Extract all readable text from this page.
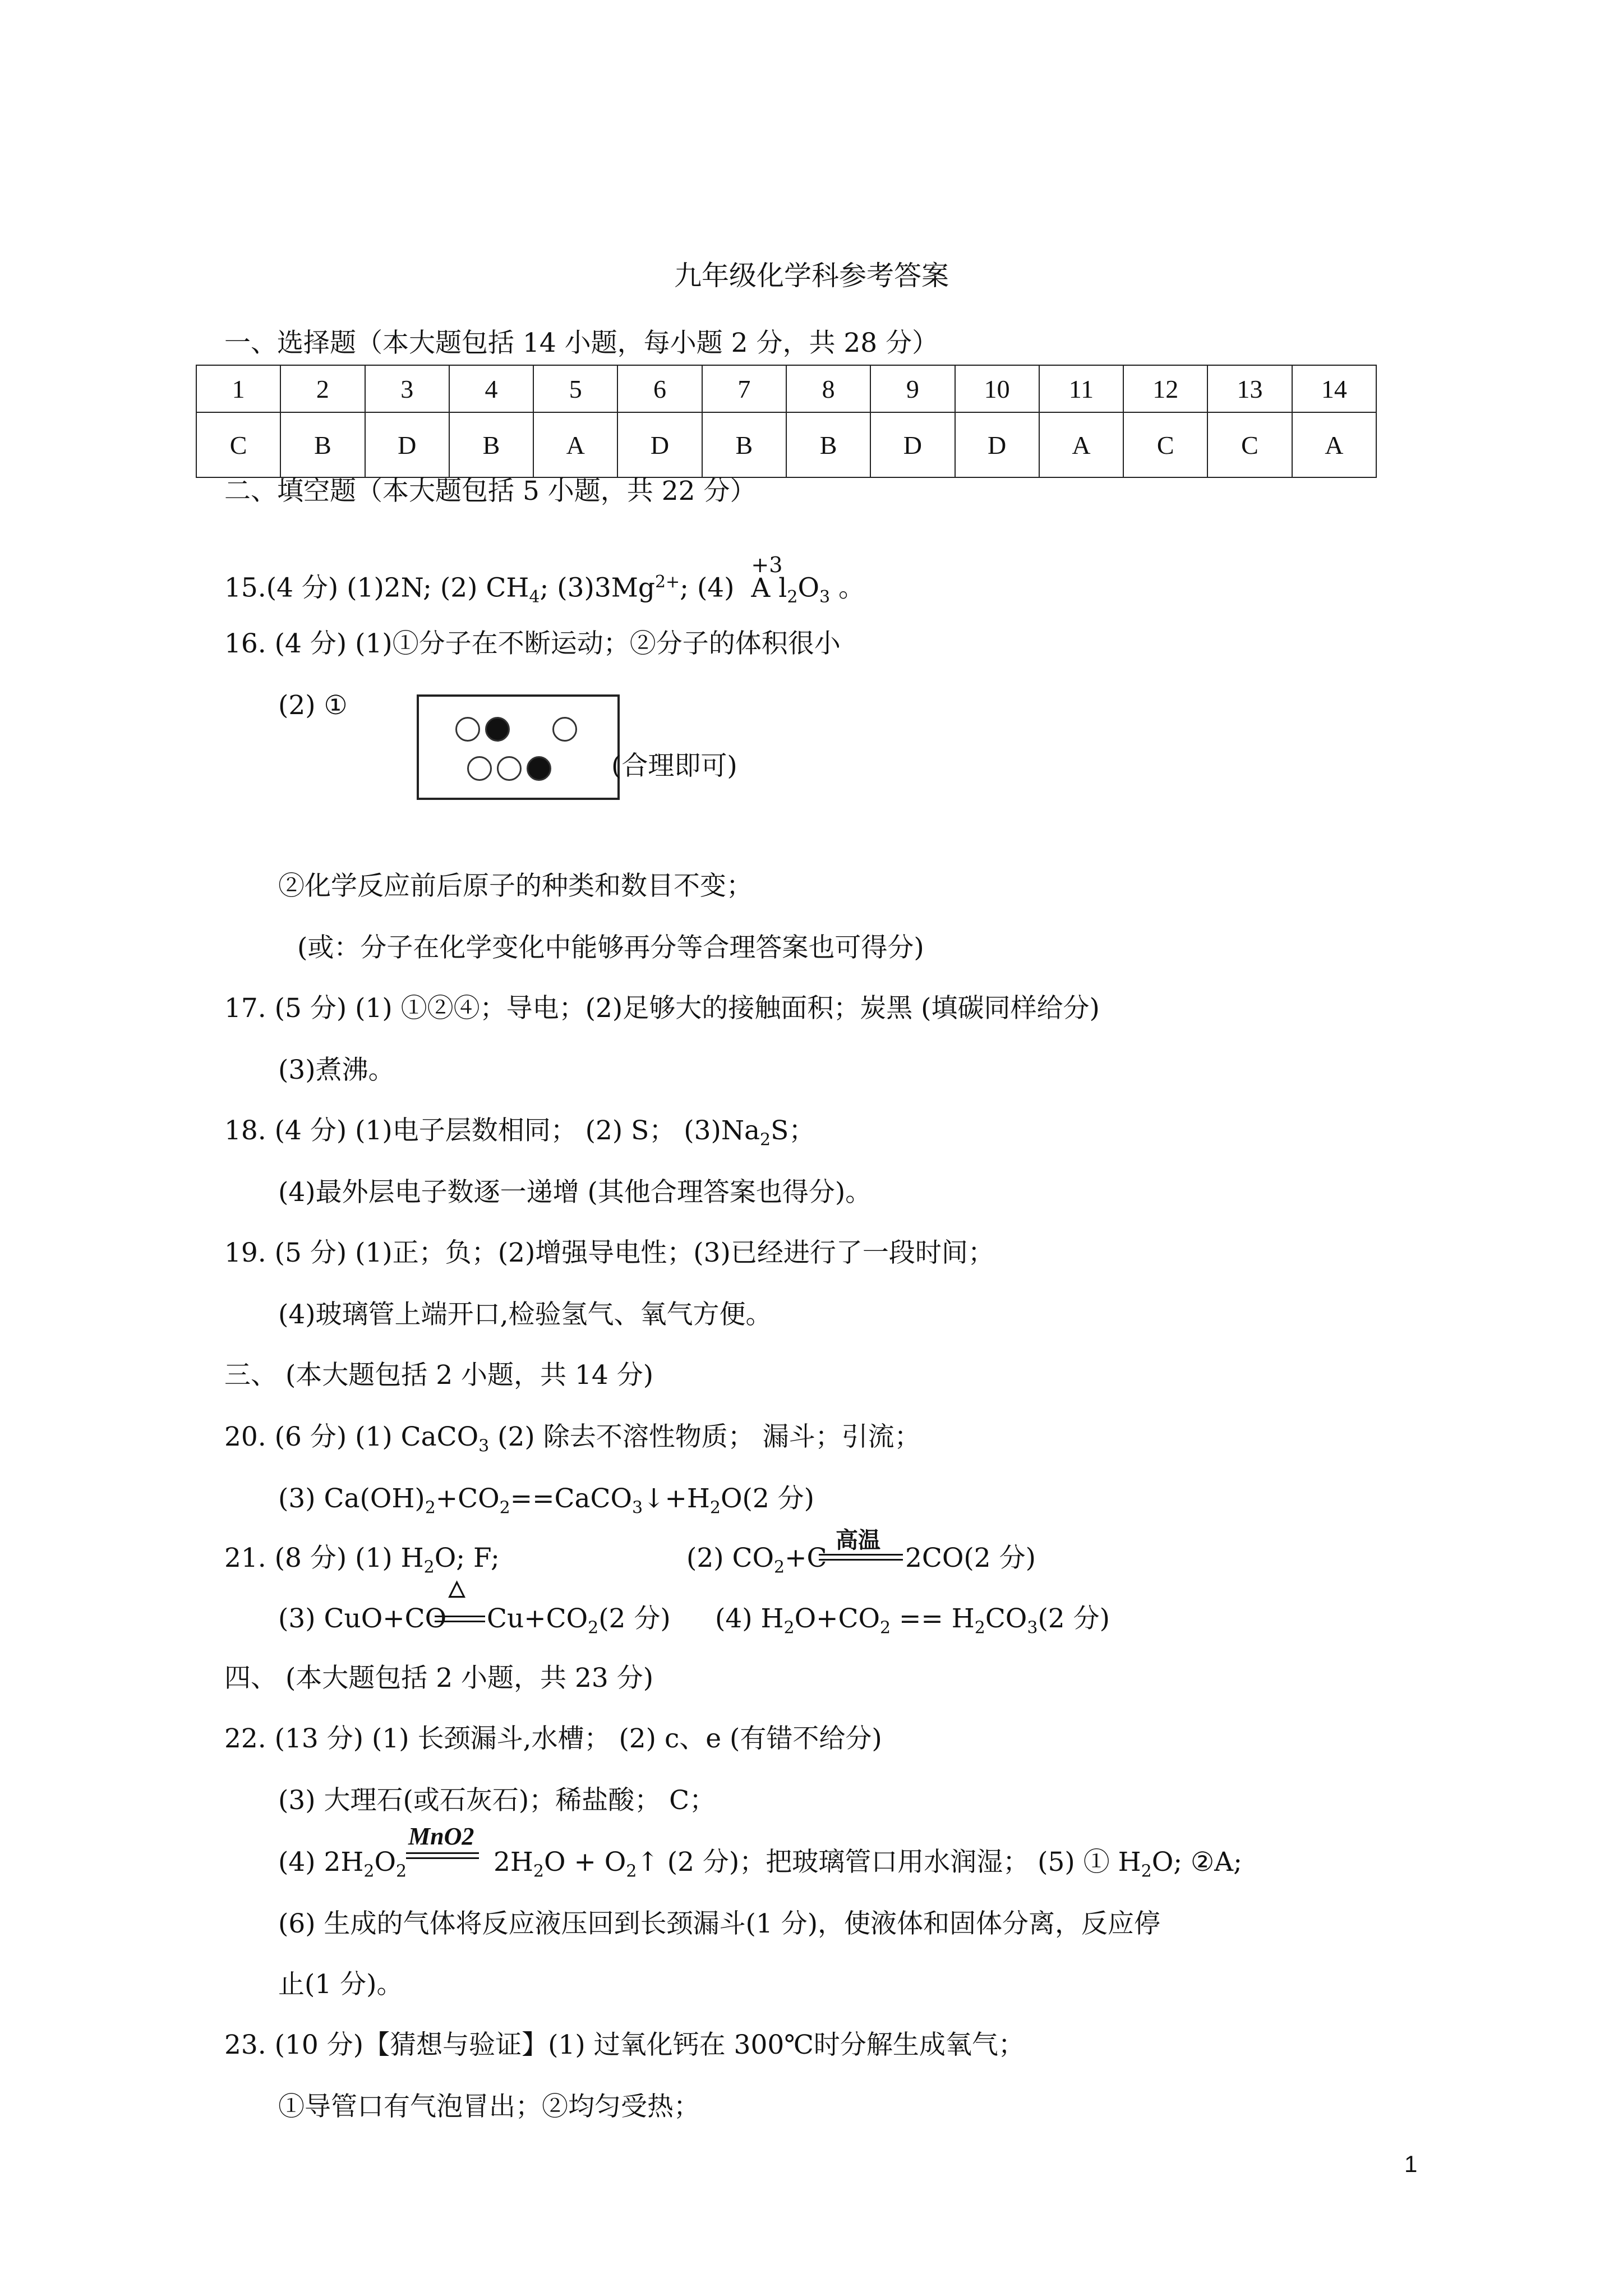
九年级化学科参考答案
一、选择题（本大题包括 14 小题，每小题 2 分，共 28 分）
1	2	3	4	5	6	7	8	9	10	11	12	13	14
C	B	D	B	A	D	B	B	D	D	A	C	C	A
二、填空题（本大题包括 5 小题，共 22 分）
15.(4 分) (1)2N; (2) $CH_4$; $(3)3Mg^{2+}$; (4)
+3
A $l_2O_3$ 。
16. (4 分) (1)①分子在不断运动；②分子的体积很小
(2) ①
(合理即可)
②化学反应前后原子的种类和数目不变；
(或：分子在化学变化中能够再分等合理答案也可得分)
17. (5 分) (1) ①②④；导电；(2)足够大的接触面积；炭黑 (填碳同样给分)
(3)煮沸。
18. (4 分) (1)电子层数相同； (2) S； $(3)Na_2S$；
(4)最外层电子数逐一递增 (其他合理答案也得分)。
19. (5 分) (1)正；负；(2)增强导电性；(3)已经进行了一段时间；
(4)玻璃管上端开口,检验氢气、氧气方便。
三、 (本大题包括 2 小题，共 14 分)
20. (6 分) (1) CaCO$_3$ (2) 除去不溶性物质； 漏斗；引流；
(3) $Ca(OH)_2+CO_2==CaCO_3↓+H_2O(2$ 分)
21. (8 分) (1) $H_2O$; F;	(2) $CO_2+C$
高温
2CO(2 分)
(3) CuO+CO
△
$Cu+CO_2(2$ 分) (4) $H_2O+CO_2 == H_2CO_3(2$ 分)
四、 (本大题包括 2 小题，共 23 分)
22. (13 分) (1) 长颈漏斗,水槽； (2) c、e (有错不给分)
(3) 大理石(或石灰石)；稀盐酸； C；
(4) $2H_2O_2$
MnO2
$2H_2O$ + $O_2↑$ (2 分)；把玻璃管口用水润湿； (5) ① $H_2O$; ②A;
(6) 生成的气体将反应液压回到长颈漏斗(1 分)，使液体和固体分离，反应停
止(1 分)。
23. (10 分)【猜想与验证】(1) 过氧化钙在 300℃时分解生成氧气；
①导管口有气泡冒出；②均匀受热；
1
